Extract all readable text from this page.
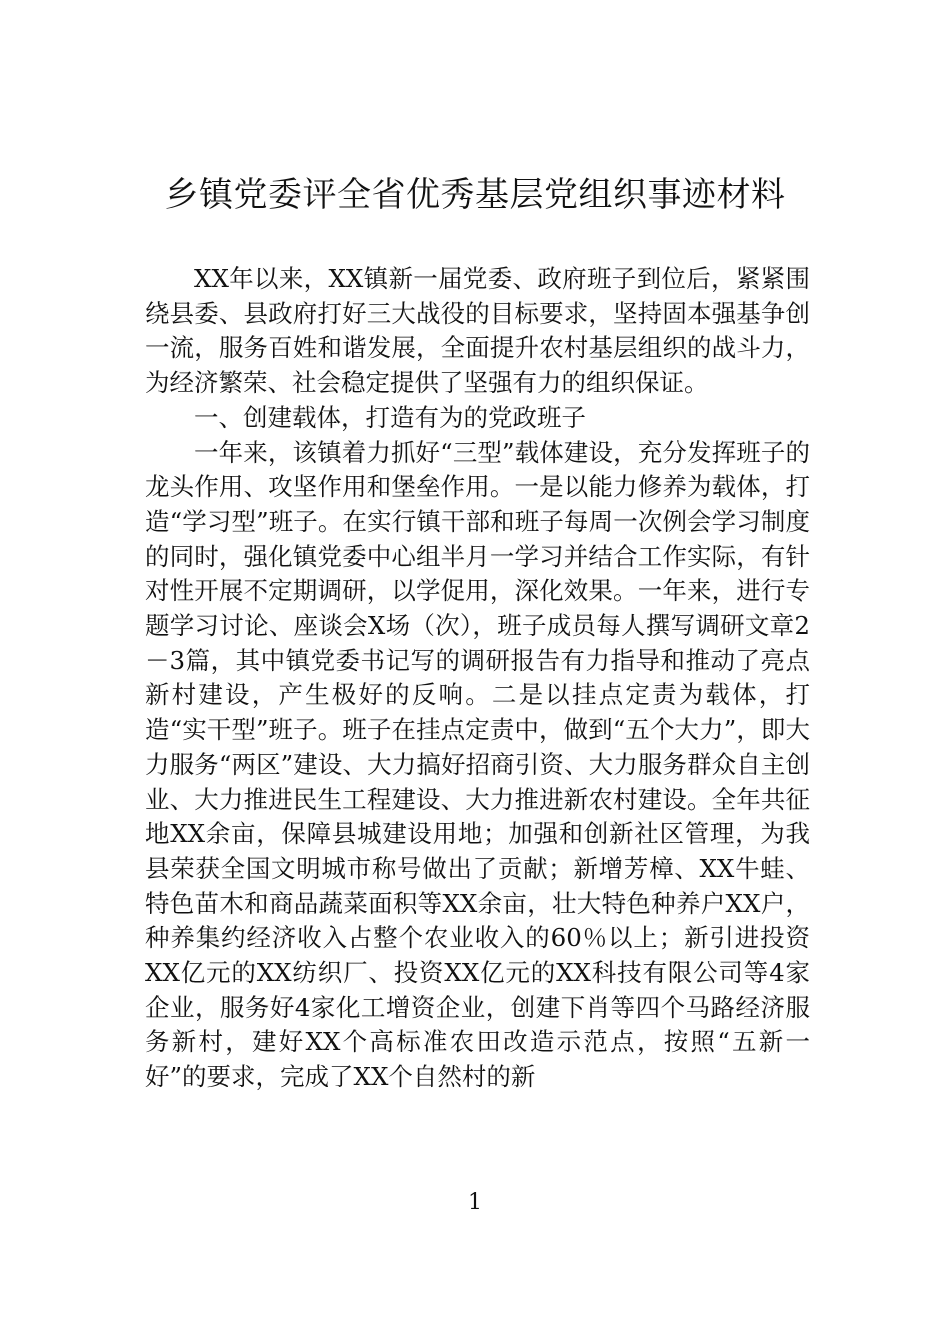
乡镇党委评全省优秀基层党组织事迹材料

XX年以来，XX镇新一届党委、政府班子到位后，紧紧围绕县委、县政府打好三大战役的目标要求，坚持固本强基争创一流，服务百姓和谐发展，全面提升农村基层组织的战斗力，为经济繁荣、社会稳定提供了坚强有力的组织保证。

一、创建载体，打造有为的党政班子

一年来，该镇着力抓好“三型”载体建设，充分发挥班子的龙头作用、攻坚作用和堡垒作用。一是以能力修养为载体，打造“学习型”班子。在实行镇干部和班子每周一次例会学习制度的同时，强化镇党委中心组半月一学习并结合工作实际，有针对性开展不定期调研，以学促用，深化效果。一年来，进行专题学习讨论、座谈会X场（次），班子成员每人撰写调研文章2－3篇，其中镇党委书记写的调研报告有力指导和推动了亮点新村建设，产生极好的反响。二是以挂点定责为载体，打造“实干型”班子。班子在挂点定责中，做到“五个大力”，即大力服务“两区”建设、大力搞好招商引资、大力服务群众自主创业、大力推进民生工程建设、大力推进新农村建设。全年共征地XX余亩，保障县城建设用地；加强和创新社区管理，为我县荣获全国文明城市称号做出了贡献；新增芳樟、XX牛蛙、特色苗木和商品蔬菜面积等XX余亩，壮大特色种养户XX户，种养集约经济收入占整个农业收入的60％以上；新引进投资XX亿元的XX纺织厂、投资XX亿元的XX科技有限公司等4家企业，服务好4家化工增资企业，创建下肖等四个马路经济服务新村，建好XX个高标准农田改造示范点，按照“五新一好”的要求，完成了XX个自然村的新

1
